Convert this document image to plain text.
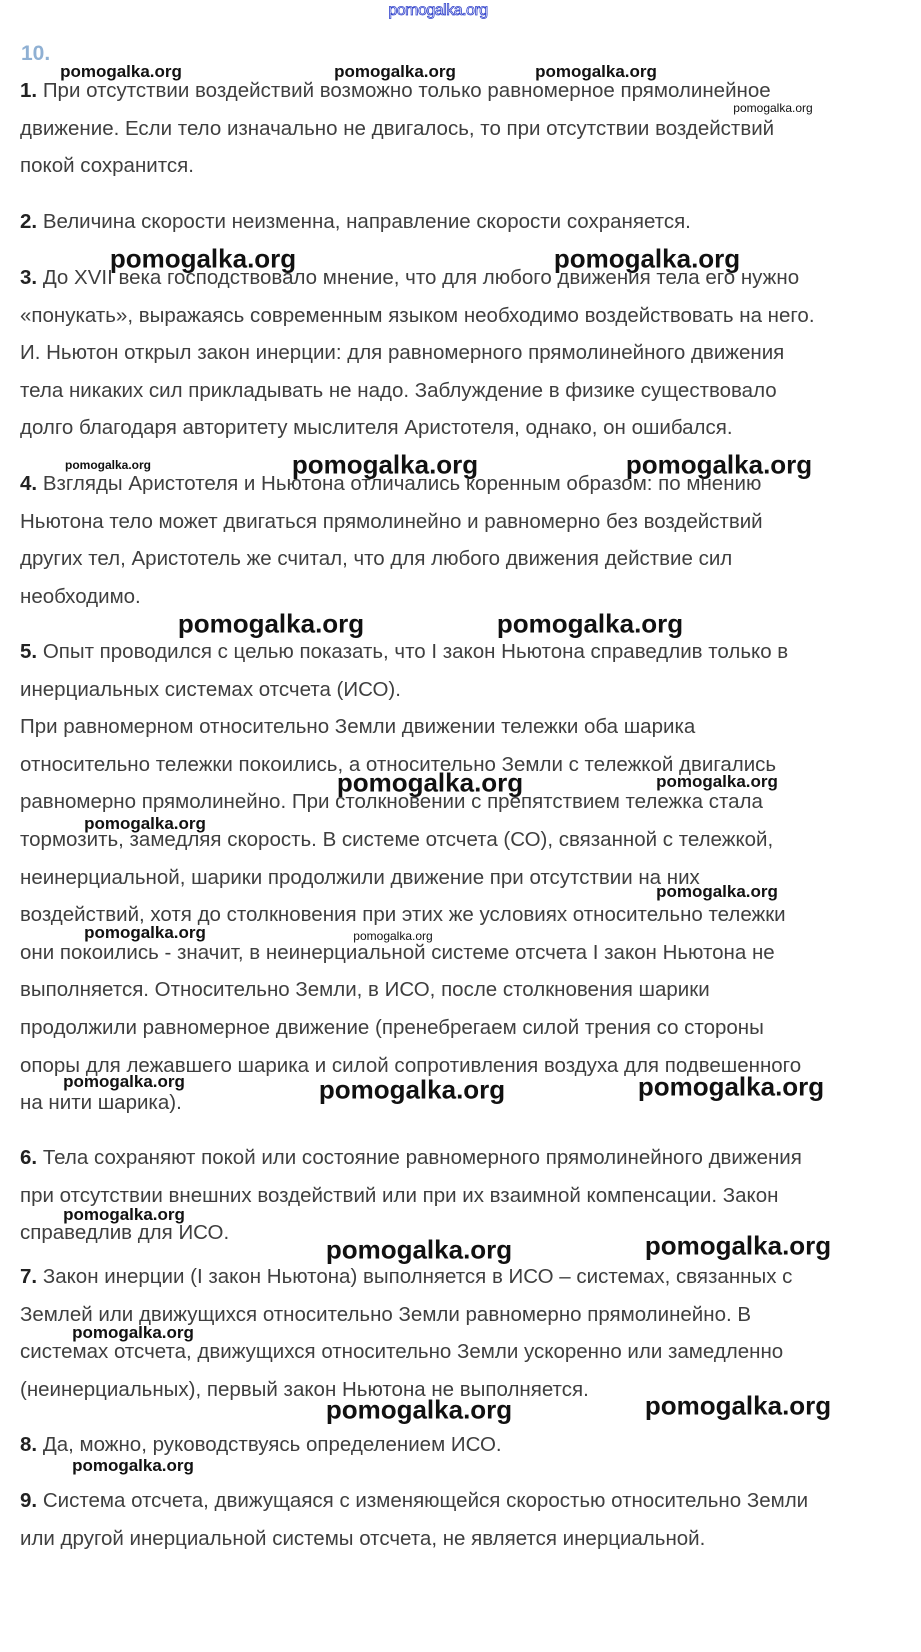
pomogalka.org
10.
1. При отсутствии воздействий возможно только равномерное прямолинейное
движение. Если тело изначально не двигалось, то при отсутствии воздействий
покой сохранится.
2. Величина скорости неизменна, направление скорости сохраняется.
3. До XVII века господствовало мнение, что для любого движения тела его нужно
«понукать», выражаясь современным языком необходимо воздействовать на него.
И. Ньютон открыл закон инерции: для равномерного прямолинейного движения
тела никаких сил прикладывать не надо. Заблуждение в физике существовало
долго благодаря авторитету мыслителя Аристотеля, однако, он ошибался.
4. Взгляды Аристотеля и Ньютона отличались коренным образом: по мнению
Ньютона тело может двигаться прямолинейно и равномерно без воздействий
других тел, Аристотель же считал, что для любого движения действие сил
необходимо.
5. Опыт проводился с целью показать, что I закон Ньютона справедлив только в
инерциальных системах отсчета (ИСО).
При равномерном относительно Земли движении тележки оба шарика
относительно тележки покоились, а относительно Земли с тележкой двигались
равномерно прямолинейно. При столкновении с препятствием тележка стала
тормозить, замедляя скорость. В системе отсчета (СО), связанной с тележкой,
неинерциальной, шарики продолжили движение при отсутствии на них
воздействий, хотя до столкновения при этих же условиях относительно тележки
они покоились - значит, в неинерциальной системе отсчета I закон Ньютона не
выполняется. Относительно Земли, в ИСО, после столкновения шарики
продолжили равномерное движение (пренебрегаем силой трения со стороны
опоры для лежавшего шарика и силой сопротивления воздуха для подвешенного
на нити шарика).
6. Тела сохраняют покой или состояние равномерного прямолинейного движения
при отсутствии внешних воздействий или при их взаимной компенсации. Закон
справедлив для ИСО.
7. Закон инерции (I закон Ньютона) выполняется в ИСО – системах, связанных с
Землей или движущихся относительно Земли равномерно прямолинейно. В
системах отсчета, движущихся относительно Земли ускоренно или замедленно
(неинерциальных), первый закон Ньютона не выполняется.
8. Да, можно, руководствуясь определением ИСО.
9. Система отсчета, движущаяся с изменяющейся скоростью относительно Земли
или другой инерциальной системы отсчета, не является инерциальной.
pomogalka.org	pomogalka.org	pomogalka.org
pomogalka.org
pomogalka.org	pomogalka.org
pomogalka.org	pomogalka.org	pomogalka.org
pomogalka.org	pomogalka.org
pomogalka.org	pomogalka.org
pomogalka.org
pomogalka.org
pomogalka.org	pomogalka.org
pomogalka.org	pomogalka.org	pomogalka.org
pomogalka.org
pomogalka.org	pomogalka.org
pomogalka.org
pomogalka.org	pomogalka.org
pomogalka.org
